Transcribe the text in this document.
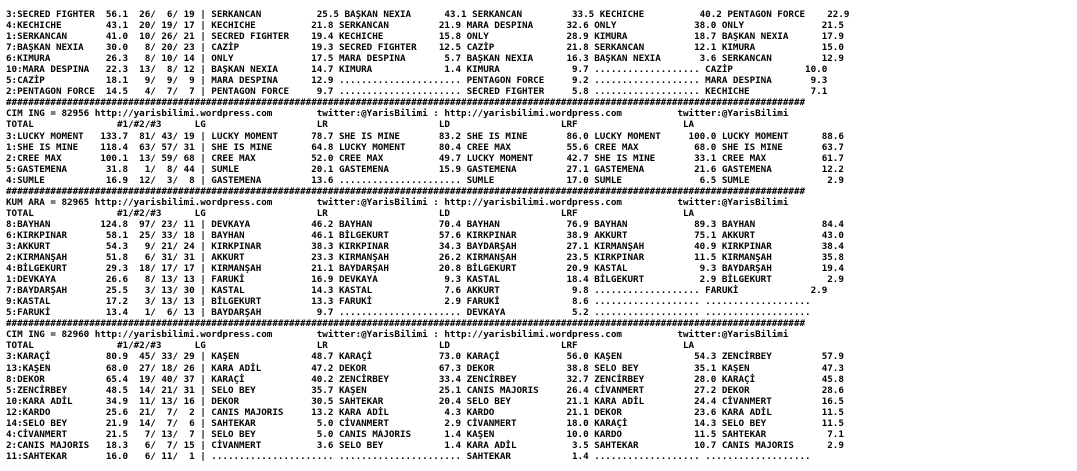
3:SECRED FIGHTER  56.1  26/  6/ 19 | SERKANCAN          25.5 BAŞKAN NEXIA      43.1 SERKANCAN         33.5 KECHICHE          40.2 PENTAGON FORCE    22.9
4:KECHICHE        43.1  20/ 19/ 17 | KECHICHE          21.8 SERKANCAN         21.9 MARA DESPINA      32.6 ONLY              38.0 ONLY              21.5
1:SERKANCAN       41.0  10/ 26/ 21 | SECRED FIGHTER    19.4 KECHICHE          15.8 ONLY              28.9 KIMURA            18.7 BAŞKAN NEXIA      17.9
7:BAŞKAN NEXIA    30.0   8/ 20/ 23 | CAZİP             19.3 SECRED FIGHTER    12.5 CAZİP             21.8 SERKANCAN         12.1 KIMURA            15.0
6:KIMURA          26.3   8/ 10/ 14 | ONLY              17.5 MARA DESPINA       5.7 BAŞKAN NEXIA      16.3 BAŞKAN NEXIA       3.6 SERKANCAN         12.9
10:MARA DESPINA   22.3  13/  8/ 12 | BAŞKAN NEXIA      14.7 KIMURA             1.4 KIMURA             9.7 ................... CAZİP             10.0
5:CAZİP           18.1   9/  9/  9 | MARA DESPINA      12.9 ...................... PENTAGON FORCE     9.2 ................... MARA DESPINA       9.3
2:PENTAGON FORCE  14.5   4/  7/  7 | PENTAGON FORCE     9.7 ...................... SECRED FIGHTER     5.8 ................... KECHICHE           7.1
################################################################################################################################################
CIM ING = 82956 http://yarisbilimi.wordpress.com        twitter:@YarisBilimi : http://yarisbilimi.wordpress.com          twitter:@YarisBilimi
TOTAL               #1/#2/#3      LG                    LR                    LD                    LRF                   LA
3:LUCKY MOMENT   133.7  81/ 43/ 19 | LUCKY MOMENT      78.7 SHE IS MINE       83.2 SHE IS MINE       86.0 LUCKY MOMENT     100.0 LUCKY MOMENT      88.6
1:SHE IS MINE    118.4  63/ 57/ 31 | SHE IS MINE       64.8 LUCKY MOMENT      80.4 CREE MAX          55.6 CREE MAX          68.0 SHE IS MINE       63.7
2:CREE MAX       100.1  13/ 59/ 68 | CREE MAX          52.0 CREE MAX          49.7 LUCKY MOMENT      42.7 SHE IS MINE       33.1 CREE MAX          61.7
5:GASTEMENA       31.8   1/  8/ 44 | SUMLE             20.1 GASTEMENA         15.9 GASTEMENA         27.1 GASTEMENA         21.6 GASTEMENA         12.2
4:SUMLE           16.9  12/  3/  8 | GASTEMENA         13.6 ...................... SUMLE             17.0 SUMLE              6.5 SUMLE              2.9
################################################################################################################################################
KUM ARA = 82965 http://yarisbilimi.wordpress.com        twitter:@YarisBilimi : http://yarisbilimi.wordpress.com          twitter:@YarisBilimi
TOTAL               #1/#2/#3      LG                    LR                    LD                    LRF                   LA
8:BAYHAN         124.8  97/ 23/ 11 | DEVKAYA           46.2 BAYHAN            70.4 BAYHAN            76.9 BAYHAN            89.3 BAYHAN            84.4
6:KIRKPINAR       58.1  25/ 33/ 18 | BAYHAN            46.1 BİLGEKURT         57.6 KIRKPINAR         38.9 AKKURT            75.1 AKKURT            43.0
3:AKKURT          54.3   9/ 21/ 24 | KIRKPINAR         38.3 KIRKPINAR         34.3 BAYDARŞAH         27.1 KIRMANŞAH         40.9 KIRKPINAR         38.4
2:KIRMANŞAH       51.8   6/ 31/ 31 | AKKURT            23.3 KIRMANŞAH         26.2 KIRMANŞAH         23.5 KIRKPINAR         11.5 KIRMANŞAH         35.8
4:BİLGEKURT       29.3  18/ 17/ 17 | KIRMANŞAH         21.1 BAYDARŞAH         20.8 BİLGEKURT         20.9 KASTAL             9.3 BAYDARŞAH         19.4
1:DEVKAYA         26.6   8/ 13/ 13 | FARUKİ            16.9 DEVKAYA            9.3 KASTAL            18.4 BİLGEKURT          2.9 BİLGEKURT          2.9
7:BAYDARŞAH       25.5   3/ 13/ 30 | KASTAL            14.3 KASTAL             7.6 AKKURT             9.8 ................... FARUKİ             2.9
9:KASTAL          17.2   3/ 13/ 13 | BİLGEKURT         13.3 FARUKİ             2.9 FARUKİ             8.6 ................... ...................
5:FARUKİ          13.4   1/  6/ 13 | BAYDARŞAH          9.7 ...................... DEVKAYA            5.2 ................... ...................
################################################################################################################################################
CIM ING = 82960 http://yarisbilimi.wordpress.com        twitter:@YarisBilimi : http://yarisbilimi.wordpress.com          twitter:@YarisBilimi
TOTAL               #1/#2/#3      LG                    LR                    LD                    LRF                   LA
3:KARAÇİ          80.9  45/ 33/ 29 | KAŞEN             48.7 KARAÇİ            73.0 KARAÇİ            56.0 KAŞEN             54.3 ZENCİRBEY         57.9
13:KAŞEN          68.0  27/ 18/ 26 | KARA ADİL         47.2 DEKOR             67.3 DEKOR             38.8 SELO BEY          35.1 KAŞEN             47.3
8:DEKOR           65.4  19/ 40/ 37 | KARAÇİ            40.2 ZENCİRBEY         33.4 ZENCİRBEY         32.7 ZENCİRBEY         28.0 KARAÇİ            45.8
5:ZENCİRBEY       48.5  14/ 21/ 31 | SELO BEY          35.7 KAŞEN             25.1 CANIS MAJORIS     26.4 CİVANMERT         27.2 DEKOR             28.6
10:KARA ADİL      34.9  11/ 13/ 16 | DEKOR             30.5 SAHTEKAR          20.4 SELO BEY          21.1 KARA ADİL         24.4 CİVANMERT         16.5
12:KARDO          25.6  21/  7/  2 | CANIS MAJORIS     13.2 KARA ADİL          4.3 KARDO             21.1 DEKOR             23.6 KARA ADİL         11.5
14:SELO BEY       21.9  14/  7/  6 | SAHTEKAR           5.0 CİVANMERT          2.9 CİVANMERT         18.0 KARAÇİ            14.3 SELO BEY          11.5
4:CİVANMERT       21.5   7/ 13/  7 | SELO BEY           5.0 CANIS MAJORIS      1.4 KAŞEN             10.0 KARDO             11.5 SAHTEKAR           7.1
2:CANIS MAJORIS   18.3   6/  7/ 15 | CİVANMERT          3.6 SELO BEY           1.4 KARA ADİL          3.5 SAHTEKAR          10.7 CANIS MAJORIS      2.9
11:SAHTEKAR       16.0   6/ 11/  1 | ...................... ...................... SAHTEKAR           1.4 ................... ...................
